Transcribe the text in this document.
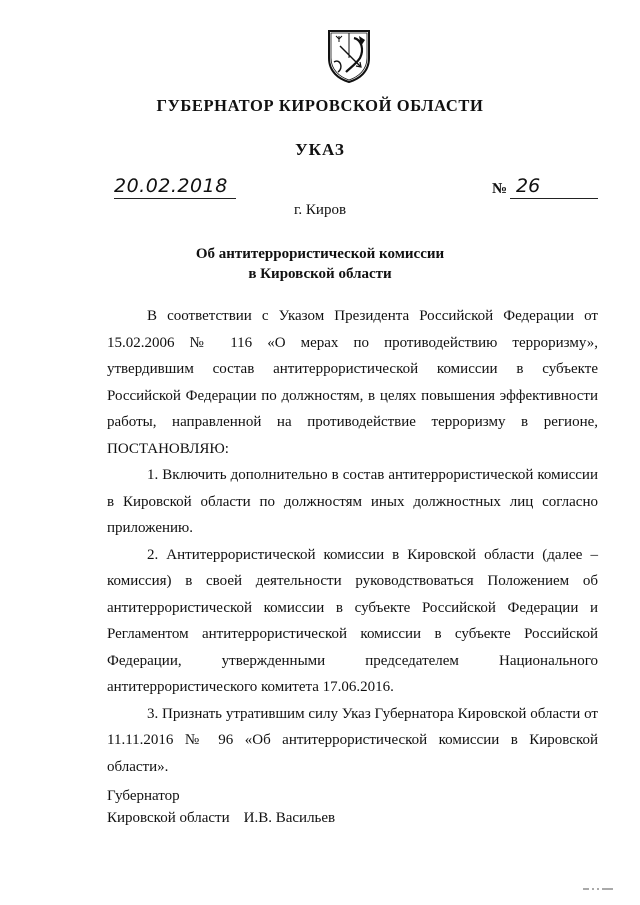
ГУБЕРНАТОР КИРОВСКОЙ ОБЛАСТИ
УКАЗ
20.02.2018	№ 26
г. Киров
Об антитеррористической комиссии
в Кировской области

В соответствии с Указом Президента Российской Федерации от 15.02.2006 № 116 «О мерах по противодействию терроризму», утвердившим состав антитеррористической комиссии в субъекте Российской Федерации по должностям, в целях повышения эффективности работы, направленной на противодействие терроризму в регионе, ПОСТАНОВЛЯЮ:

1. Включить дополнительно в состав антитеррористической комиссии в Кировской области по должностям иных должностных лиц согласно приложению.

2. Антитеррористической комиссии в Кировской области (далее – комиссия) в своей деятельности руководствоваться Положением об антитеррористической комиссии в субъекте Российской Федерации и Регламентом антитеррористической комиссии в субъекте Российской Федерации, утвержденными председателем Национального антитеррористического комитета 17.06.2016.

3. Признать утратившим силу Указ Губернатора Кировской области от 11.11.2016 № 96 «Об антитеррористической комиссии в Кировской области».

Губернатор
Кировской области И.В. Васильев
